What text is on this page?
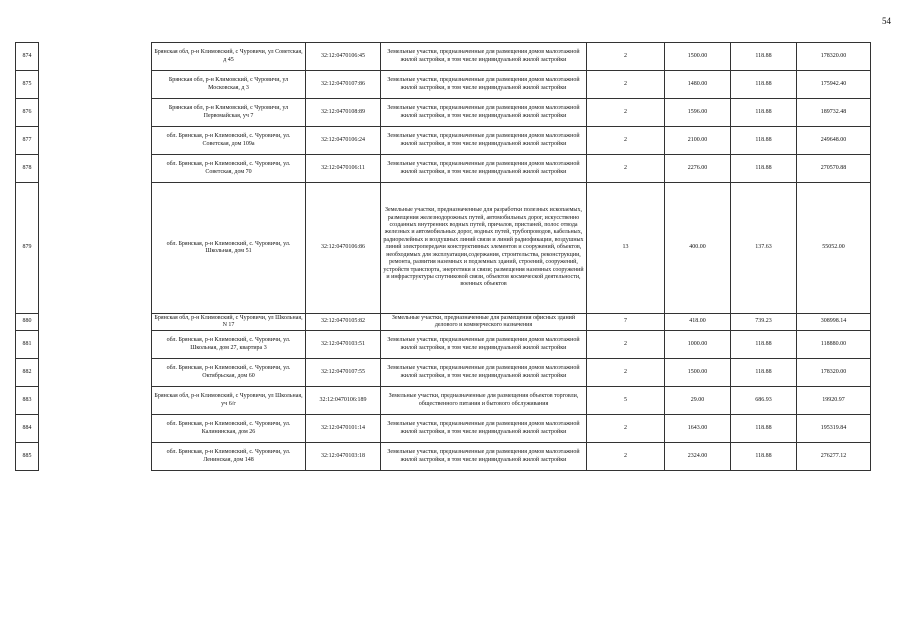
54
874		Брянская обл, р-н Климовский, с Чуровичи, ул Советская, д 45	32:12:0470106:45	Земельные участки, предназначенные для размещения домов малоэтажной жилой застройки, в том числе индивидуальной жилой застройки	2	1500.00	118.88	178320.00
875		Брянская обл, р-н Климовский, с Чуровичи, ул Московская, д 3	32:12:0470107:86	Земельные участки, предназначенные для размещения домов малоэтажной жилой застройки, в том числе индивидуальной жилой застройки	2	1480.00	118.88	175942.40
876		Брянская обл, р-н Климовский, с Чуровичи, ул Первомайская, уч 7	32:12:0470108:89	Земельные участки, предназначенные для размещения домов малоэтажной жилой застройки, в том числе индивидуальной жилой застройки	2	1596.00	118.88	189732.48
877		обл. Брянская, р-н Климовский, с. Чуровичи, ул. Советская, дом 109а	32:12:0470106:24	Земельные участки, предназначенные для размещения домов малоэтажной жилой застройки, в том числе индивидуальной жилой застройки	2	2100.00	118.88	249648.00
878		обл. Брянская, р-н Климовский, с. Чуровичи, ул. Советская, дом 70	32:12:0470106:11	Земельные участки, предназначенные для размещения домов малоэтажной жилой застройки, в том числе индивидуальной жилой застройки	2	2276.00	118.88	270570.88
879		обл. Брянская, р-н Климовский, с. Чуровичи, ул. Школьная, дом 51	32:12:0470106:86	Земельные участки, предназначенные для разработки полезных ископаемых, размещения железнодорожных путей, автомобильных дорог, искусственно созданных внутренних водных путей, причалов, пристаней, полос отвода железных и автомобильных дорог, водных путей, трубопроводов, кабельных, радиорелейных и воздушных линий связи и линий радиофикации, воздушных линий электропередачи конструктивных элементов и сооружений, объектов, необходимых для эксплуатации,содержания, строительства, реконструкции, ремонта, развития наземных и подземных зданий, строений, сооружений, устройств транспорта, энергетики и связи; размещения наземных сооружений и инфраструктуры спутниковой связи, объектов космической деятельности, военных объектов	13	400.00	137.63	55052.00
880		Брянская обл, р-н Климовский, с Чуровичи, ул Школьная, N 17	32:12:0470105:82	Земельные участки, предназначенные для размещения офисных зданий делового и коммерческого назначения	7	418.00	739.23	308998.14
881		обл. Брянская, р-н Климовский, с. Чуровичи, ул. Школьная, дом 27, квартира 3	32:12:0470103:51	Земельные участки, предназначенные для размещения домов малоэтажной жилой застройки, в том числе индивидуальной жилой застройки	2	1000.00	118.88	118880.00
882		обл. Брянская, р-н Климовский, с. Чуровичи, ул. Октябрьская, дом 60	32:12:0470107:55	Земельные участки, предназначенные для размещения домов малоэтажной жилой застройки, в том числе индивидуальной жилой застройки	2	1500.00	118.88	178320.00
883		Брянская обл, р-н Климовский, с Чуровичи, ул Школьная, уч 6/г	32:12:0470106:189	Земельные участки, предназначенные для размещения объектов торговли, общественного питания и бытового обслуживания	5	29.00	686.93	19920.97
884		обл. Брянская, р-н Климовский, с. Чуровичи, ул. Калининская, дом 26	32:12:0470101:14	Земельные участки, предназначенные для размещения домов малоэтажной жилой застройки, в том числе индивидуальной жилой застройки	2	1643.00	118.88	195319.84
885		обл. Брянская, р-н Климовский, с. Чуровичи, ул. Ленинская, дом 148	32:12:0470103:18	Земельные участки, предназначенные для размещения домов малоэтажной жилой застройки, в том числе индивидуальной жилой застройки	2	2324.00	118.88	276277.12
